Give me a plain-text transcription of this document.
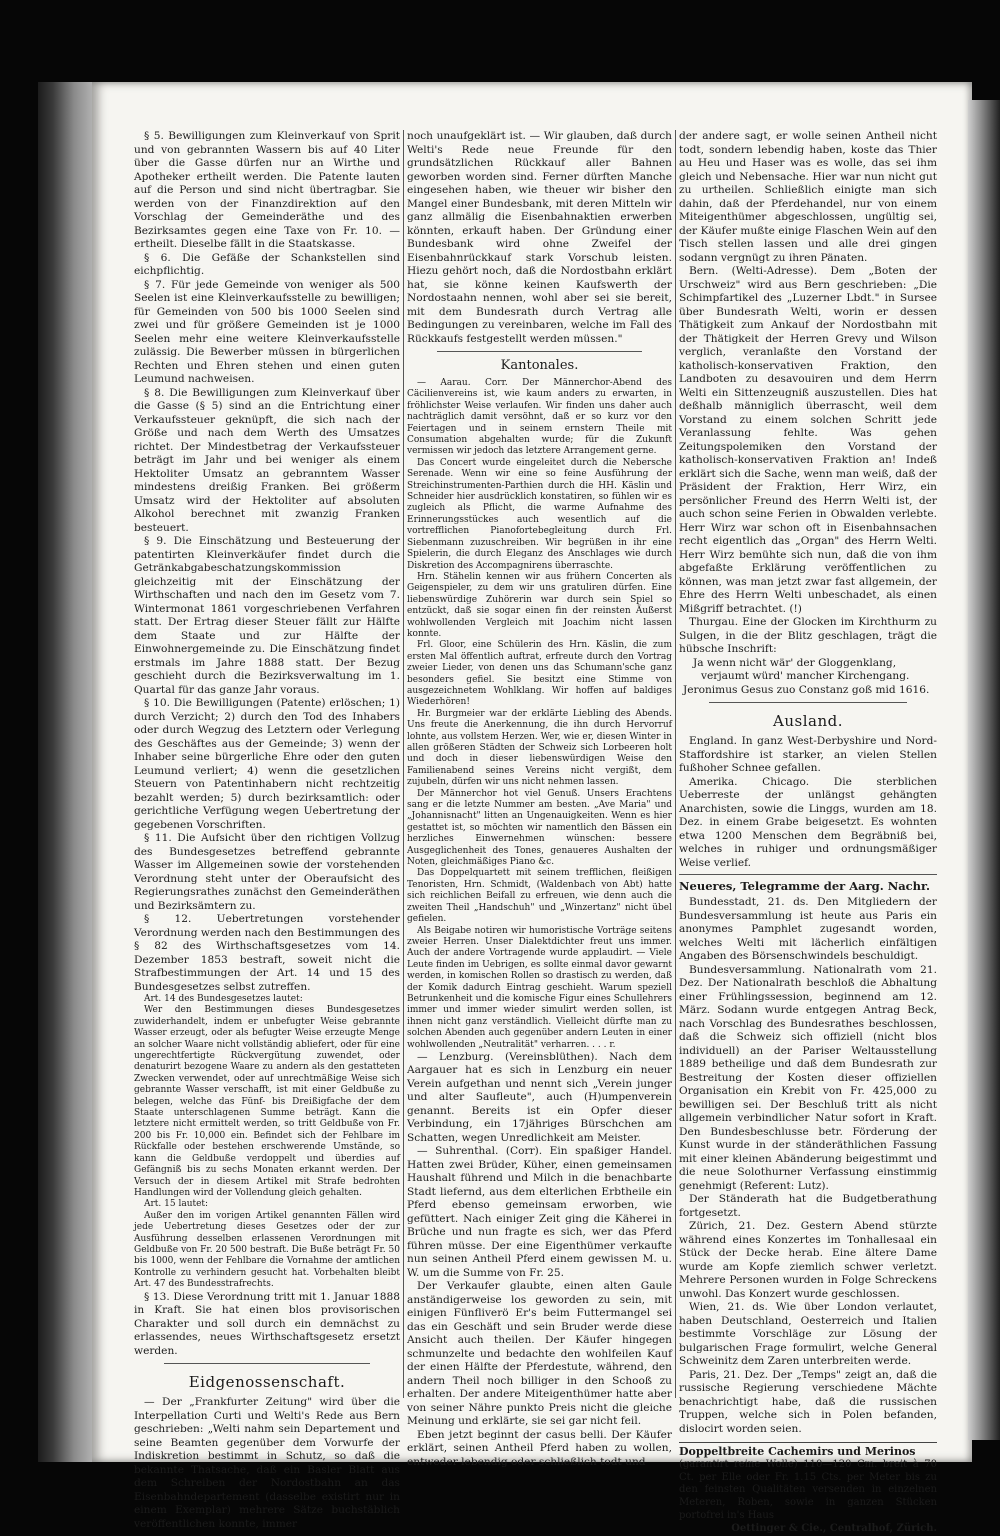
§ 5. Bewilligungen zum Kleinverkauf von Sprit und von gebrannten Wassern bis auf 40 Liter über die Gasse dürfen nur an Wirthe und Apotheker ertheilt werden. Die Patente lauten auf die Person und sind nicht übertragbar. Sie werden von der Finanzdirektion auf den Vorschlag der Gemeinderäthe und des Bezirksamtes gegen eine Taxe von Fr. 10. — ertheilt. Dieselbe fällt in die Staatskasse.

§ 6. Die Gefäße der Schankstellen sind eichpflichtig.

§ 7. Für jede Gemeinde von weniger als 500 Seelen ist eine Kleinverkaufsstelle zu bewilligen; für Gemeinden von 500 bis 1000 Seelen sind zwei und für größere Gemeinden ist je 1000 Seelen mehr eine weitere Kleinverkaufsstelle zulässig. Die Bewerber müssen in bürgerlichen Rechten und Ehren stehen und einen guten Leumund nachweisen.

§ 8. Die Bewilligungen zum Kleinverkauf über die Gasse (§ 5) sind an die Entrichtung einer Verkaufssteuer geknüpft, die sich nach der Größe und nach dem Werth des Umsatzes richtet. Der Mindestbetrag der Verkaufssteuer beträgt im Jahr und bei weniger als einem Hektoliter Umsatz an gebranntem Wasser mindestens dreißig Franken. Bei größerm Umsatz wird der Hektoliter auf absoluten Alkohol berechnet mit zwanzig Franken besteuert.

§ 9. Die Einschätzung und Besteuerung der patentirten Kleinverkäufer findet durch die Getränkabgabeschatzungskommission gleichzeitig mit der Einschätzung der Wirthschaften und nach den im Gesetz vom 7. Wintermonat 1861 vorgeschriebenen Verfahren statt. Der Ertrag dieser Steuer fällt zur Hälfte dem Staate und zur Hälfte der Einwohnergemeinde zu. Die Einschätzung findet erstmals im Jahre 1888 statt. Der Bezug geschieht durch die Bezirksverwaltung im 1. Quartal für das ganze Jahr voraus.

§ 10. Die Bewilligungen (Patente) erlöschen; 1) durch Verzicht; 2) durch den Tod des Inhabers oder durch Wegzug des Letztern oder Verlegung des Geschäftes aus der Gemeinde; 3) wenn der Inhaber seine bürgerliche Ehre oder den guten Leumund verliert; 4) wenn die gesetzlichen Steuern von Patentinhabern nicht rechtzeitig bezahlt werden; 5) durch bezirksamtlich: oder gerichtliche Verfügung wegen Uebertretung der gegebenen Vorschriften.

§ 11. Die Aufsicht über den richtigen Vollzug des Bundesgesetzes betreffend gebrannte Wasser im Allgemeinen sowie der vorstehenden Verordnung steht unter der Oberaufsicht des Regierungsrathes zunächst den Gemeinderäthen und Bezirksämtern zu.

§ 12. Uebertretungen vorstehender Verordnung werden nach den Bestimmungen des § 82 des Wirthschaftsgesetzes vom 14. Dezember 1853 bestraft, soweit nicht die Strafbestimmungen der Art. 14 und 15 des Bundesgesetzes selbst zutreffen.

Art. 14 des Bundesgesetzes lautet:

Wer den Bestimmungen dieses Bundesgesetzes zuwiderhandelt, indem er unbefugter Weise gebrannte Wasser erzeugt, oder als befugter Weise erzeugte Menge an solcher Waare nicht vollständig abliefert, oder für eine ungerechtfertigte Rückvergütung zuwendet, oder denaturirt bezogene Waare zu andern als den gestatteten Zwecken verwendet, oder auf unrechtmäßige Weise sich gebrannte Wasser verschafft, ist mit einer Geldbuße zu belegen, welche das Fünf- bis Dreißigfache der dem Staate unterschlagenen Summe beträgt. Kann die letztere nicht ermittelt werden, so tritt Geldbuße von Fr. 200 bis Fr. 10,000 ein. Befindet sich der Fehlbare im Rückfalle oder bestehen erschwerende Umstände, so kann die Geldbuße verdoppelt und überdies auf Gefängniß bis zu sechs Monaten erkannt werden. Der Versuch der in diesem Artikel mit Strafe bedrohten Handlungen wird der Vollendung gleich gehalten.

Art. 15 lautet:

Außer den im vorigen Artikel genannten Fällen wird jede Uebertretung dieses Gesetzes oder der zur Ausführung desselben erlassenen Verordnungen mit Geldbuße von Fr. 20 500 bestraft. Die Buße beträgt Fr. 50 bis 1000, wenn der Fehlbare die Vornahme der amtlichen Kontrolle zu verhindern gesucht hat. Vorbehalten bleibt Art. 47 des Bundesstrafrechts.

§ 13. Diese Verordnung tritt mit 1. Januar 1888 in Kraft. Sie hat einen blos provisorischen Charakter und soll durch ein demnächst zu erlassendes, neues Wirthschaftsgesetz ersetzt werden.

Eidgenossenschaft.

— Der „Frankfurter Zeitung" wird über die Interpellation Curti und Welti's Rede aus Bern geschrieben: „Welti nahm sein Departement und seine Beamten gegenüber dem Vorwurfe der Indiskretion bestimmt in Schutz, so daß die bekannte Thatsache, daß ein Basler Blatt aus dem Schreiben der Nordostbahn an das Eisenbahndepartement (dasselbe existirt nur in einem Exemplar) mehrere Sätze buchstäblich veröffentlichen konnte, immer

noch unaufgeklärt ist. — Wir glauben, daß durch Welti's Rede neue Freunde für den grundsätzlichen Rückkauf aller Bahnen geworben worden sind. Ferner dürften Manche eingesehen haben, wie theuer wir bisher den Mangel einer Bundesbank, mit deren Mitteln wir ganz allmälig die Eisenbahnaktien erwerben könnten, erkauft haben. Der Gründung einer Bundesbank wird ohne Zweifel der Eisenbahnrückkauf stark Vorschub leisten. Hiezu gehört noch, daß die Nordostbahn erklärt hat, sie könne keinen Kaufswerth der Nordostaahn nennen, wohl aber sei sie bereit, mit dem Bundesrath durch Vertrag alle Bedingungen zu vereinbaren, welche im Fall des Rückkaufs festgestellt werden müssen."

Kantonales.

— Aarau. Corr. Der Männerchor-Abend des Cäcilienvereins ist, wie kaum anders zu erwarten, in fröhlichster Weise verlaufen. Wir finden uns daher auch nachträglich damit versöhnt, daß er so kurz vor den Feiertagen und in seinem ernstern Theile mit Consumation abgehalten wurde; für die Zukunft vermissen wir jedoch das letztere Arrangement gerne.

Das Concert wurde eingeleitet durch die Nebersche Serenade. Wenn wir eine so feine Ausführung der Streichinstrumenten-Parthien durch die HH. Käslin und Schneider hier ausdrücklich konstatiren, so fühlen wir es zugleich als Pflicht, die warme Aufnahme des Erinnerungsstückes auch wesentlich auf die vortrefflichen Pianofortebegleitung durch Frl. Siebenmann zuzuschreiben. Wir begrüßen in ihr eine Spielerin, die durch Eleganz des Anschlages wie durch Diskretion des Accompagnirens überraschte.

Hrn. Stähelin kennen wir aus frühern Concerten als Geigenspieler, zu dem wir uns gratuliren dürfen. Eine liebenswürdige Zuhörerin war durch sein Spiel so entzückt, daß sie sogar einen fin der reinsten Äußerst wohlwollenden Vergleich mit Joachim nicht lassen konnte.

Frl. Gloor, eine Schülerin des Hrn. Käslin, die zum ersten Mal öffentlich auftrat, erfreute durch den Vortrag zweier Lieder, von denen uns das Schumann'sche ganz besonders gefiel. Sie besitzt eine Stimme von ausgezeichnetem Wohlklang. Wir hoffen auf baldiges Wiederhören!

Hr. Burgmeier war der erklärte Liebling des Abends. Uns freute die Anerkennung, die ihn durch Hervorruf lohnte, aus vollstem Herzen. Wer, wie er, diesen Winter in allen größeren Städten der Schweiz sich Lorbeeren holt und doch in dieser liebenswürdigen Weise den Familienabend seines Vereins nicht vergißt, dem zujubeln, dürfen wir uns nicht nehmen lassen.

Der Männerchor hot viel Genuß. Unsers Erachtens sang er die letzte Nummer am besten. „Ave Maria" und „Johannisnacht" litten an Ungenauigkeiten. Wenn es hier gestattet ist, so möchten wir namentlich den Bässen ein herzliches Einwernehmen wünschen: bessere Ausgeglichenheit des Tones, genaueres Aushalten der Noten, gleichmäßiges Piano &c.

Das Doppelquartett mit seinem trefflichen, fleißigen Tenoristen, Hrn. Schmidt, (Waldenbach von Abt) hatte sich reichlichen Beifall zu erfreuen, wie denn auch die zweiten Theil „Handschuh" und „Winzertanz" nicht übel gefielen.

Als Beigabe notiren wir humoristische Vorträge seitens zweier Herren. Unser Dialektdichter freut uns immer. Auch der andere Vortragende wurde applaudirt. — Viele Leute finden im Uebrigen, es sollte einmal davor gewarnt werden, in komischen Rollen so drastisch zu werden, daß der Komik dadurch Eintrag geschieht. Warum speziell Betrunkenheit und die komische Figur eines Schullehrers immer und immer wieder simulirt werden sollen, ist ihnen nicht ganz verständlich. Vielleicht dürfte man zu solchen Abenden auch gegenüber andern Leuten in einer wohlwollenden „Neutralität" verharren. . . . r.

— Lenzburg. (Vereinsblüthen). Nach dem Aargauer hat es sich in Lenzburg ein neuer Verein aufgethan und nennt sich „Verein junger und alter Saufleute", auch (H)umpenverein genannt. Bereits ist ein Opfer dieser Verbindung, ein 17jähriges Bürschchen am Schatten, wegen Unredlichkeit am Meister.

— Suhrenthal. (Corr). Ein spaßiger Handel. Hatten zwei Brüder, Küher, einen gemeinsamen Haushalt führend und Milch in die benachbarte Stadt liefernd, aus dem elterlichen Erbtheile ein Pferd ebenso gemeinsam erworben, wie gefüttert. Nach einiger Zeit ging die Käherei in Brüche und nun fragte es sich, wer das Pferd führen müsse. Der eine Eigenthümer verkaufte nun seinen Antheil Pferd einem gewissen M. u. W. um die Summe von Fr. 25.

Der Verkaufer glaubte, einen alten Gaule anständigerweise los geworden zu sein, mit einigen Fünfliverö Er's beim Futtermangel sei das ein Geschäft und sein Bruder werde diese Ansicht auch theilen. Der Käufer hingegen schmunzelte und bedachte den wohlfeilen Kauf der einen Hälfte der Pferdestute, während, den andern Theil noch billiger in den Schooß zu erhalten. Der andere Miteigenthümer hatte aber von seiner Nähre punkto Preis nicht die gleiche Meinung und erklärte, sie sei gar nicht feil.

Eben jetzt beginnt der casus belli. Der Käufer erklärt, seinen Antheil Pferd haben zu wollen, entweder lebendig oder schließlich todt und

der andere sagt, er wolle seinen Antheil nicht todt, sondern lebendig haben, koste das Thier au Heu und Haser was es wolle, das sei ihm gleich und Nebensache. Hier war nun nicht gut zu urtheilen. Schließlich einigte man sich dahin, daß der Pferdehandel, nur von einem Miteigenthümer abgeschlossen, ungültig sei, der Käufer mußte einige Flaschen Wein auf den Tisch stellen lassen und alle drei gingen sodann vergnügt zu ihren Pänaten.

Bern. (Welti-Adresse). Dem „Boten der Urschweiz" wird aus Bern geschrieben: „Die Schimpfartikel des „Luzerner Lbdt." in Sursee über Bundesrath Welti, worin er dessen Thätigkeit zum Ankauf der Nordostbahn mit der Thätigkeit der Herren Grevy und Wilson verglich, veranlaßte den Vorstand der katholisch-konservativen Fraktion, den Landboten zu desavouiren und dem Herrn Welti ein Sittenzeugniß auszustellen. Dies hat deßhalb männiglich überrascht, weil dem Vorstand zu einem solchen Schritt jede Veranlassung fehlte. Was gehen Zeitungspolemiken den Vorstand der katholisch-konservativen Fraktion an! Indeß erklärt sich die Sache, wenn man weiß, daß der Präsident der Fraktion, Herr Wirz, ein persönlicher Freund des Herrn Welti ist, der auch schon seine Ferien in Obwalden verlebte. Herr Wirz war schon oft in Eisenbahnsachen recht eigentlich das „Organ" des Herrn Welti. Herr Wirz bemühte sich nun, daß die von ihm abgefaßte Erklärung veröffentlichen zu können, was man jetzt zwar fast allgemein, der Ehre des Herrn Welti unbeschadet, als einen Mißgriff betrachtet. (!)

Thurgau. Eine der Glocken im Kirchthurm zu Sulgen, in die der Blitz geschlagen, trägt die hübsche Inschrift:

Ja wenn nicht wär' der Gloggenklang,

verjaumt würd' mancher Kirchengang.

Jeronimus Gesus zuo Constanz goß mid 1616.

Ausland.

England. In ganz West-Derbyshire und Nord-Staffordshire ist starker, an vielen Stellen fußhoher Schnee gefallen.

Amerika. Chicago. Die sterblichen Ueberreste der unlängst gehängten Anarchisten, sowie die Linggs, wurden am 18. Dez. in einem Grabe beigesetzt. Es wohnten etwa 1200 Menschen dem Begräbniß bei, welches in ruhiger und ordnungsmäßiger Weise verlief.

Neueres, Telegramme der Aarg. Nachr.

Bundesstadt, 21. ds. Den Mitgliedern der Bundesversammlung ist heute aus Paris ein anonymes Pamphlet zugesandt worden, welches Welti mit lächerlich einfältigen Angaben des Börsenschwindels beschuldigt.

Bundesversammlung. Nationalrath vom 21. Dez. Der Nationalrath beschloß die Abhaltung einer Frühlingssession, beginnend am 12. März. Sodann wurde entgegen Antrag Beck, nach Vorschlag des Bundesrathes beschlossen, daß die Schweiz sich offiziell (nicht blos individuell) an der Pariser Weltausstellung 1889 betheilige und daß dem Bundesrath zur Bestreitung der Kosten dieser offiziellen Organisation ein Krebit von Fr. 425,000 zu bewilligen sei. Der Beschluß tritt als nicht allgemein verbindlicher Natur sofort in Kraft. Den Bundesbeschlusse betr. Förderung der Kunst wurde in der ständeräthlichen Fassung mit einer kleinen Abänderung beigestimmt und die neue Solothurner Verfassung einstimmig genehmigt (Referent: Lutz).

Der Ständerath hat die Budgetberathung fortgesetzt.

Zürich, 21. Dez. Gestern Abend stürzte während eines Konzertes im Tonhallesaal ein Stück der Decke herab. Eine ältere Dame wurde am Kopfe ziemlich schwer verletzt. Mehrere Personen wurden in Folge Schreckens unwohl. Das Konzert wurde geschlossen.

Wien, 21. ds. Wie über London verlautet, haben Deutschland, Oesterreich und Italien bestimmte Vorschläge zur Lösung der bulgarischen Frage formulirt, welche General Schweinitz dem Zaren unterbreiten werde.

Paris, 21. Dez. Der „Temps" zeigt an, daß die russische Regierung verschiedene Mächte benachrichtigt habe, daß die russischen Truppen, welche sich in Polen befanden, dislocirt worden seien.

Doppeltbreite Cachemirs und Merinos
(garantirt reine Wolle) 110—120 Cm. breit à 70 Ct. per Elle oder Fr. 1.15 Cts. per Meter bis zu den feinsten Qualitäten versenden in einzelnen Meteren, Roben, sowie in ganzen Stücken portofrei in's Haus
Oettinger & Cie., Centralhof, Zürich.
